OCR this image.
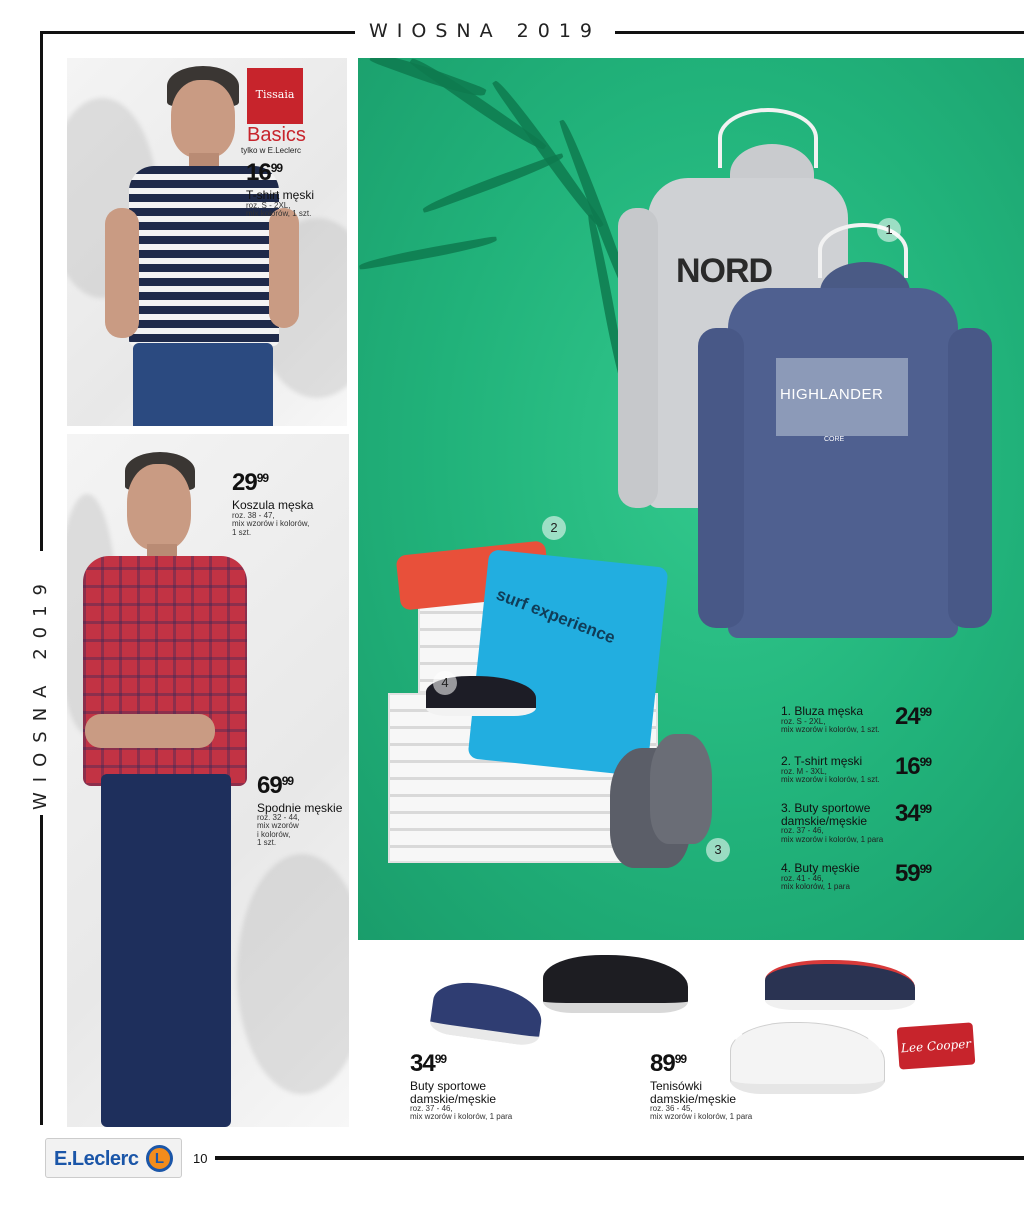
WIOSNA 2019
WIOSNA 2019
Tissaia
Basics
tylko w E.Leclerc
$16^{99}$
T-shirt męski
roz. S - 2XL,
mix kolorów, 1 szt.
$29^{99}$
Koszula męska
roz. 38 - 47,
mix wzorów i kolorów,
1 szt.
$69^{99}$
Spodnie męskie
roz. 32 - 44,
mix wzorów
i kolorów,
1 szt.
NORD
HIGHLANDER
CORE
surf experience
1
2
3
4
1. Bluza męska
roz. S - 2XL,
mix wzorów i kolorów, 1 szt. $24^{99}$
2. T-shirt męski
roz. M - 3XL,
mix wzorów i kolorów, 1 szt. $16^{99}$
3. Buty sportowe
damskie/męskie
roz. 37 - 46,
mix wzorów i kolorów, 1 para
$34^{99}$
4. Buty męskie
roz. 41 - 46,
mix kolorów, 1 para	$59^{99}$
Lee Cooper
$34^{99}$
Buty sportowe
damskie/męskie
roz. 37 - 46,
mix wzorów i kolorów, 1 para
$89^{99}$
Tenisówki
damskie/męskie
roz. 36 - 45,
mix wzorów i kolorów, 1 para
E.Leclerc	L	10
